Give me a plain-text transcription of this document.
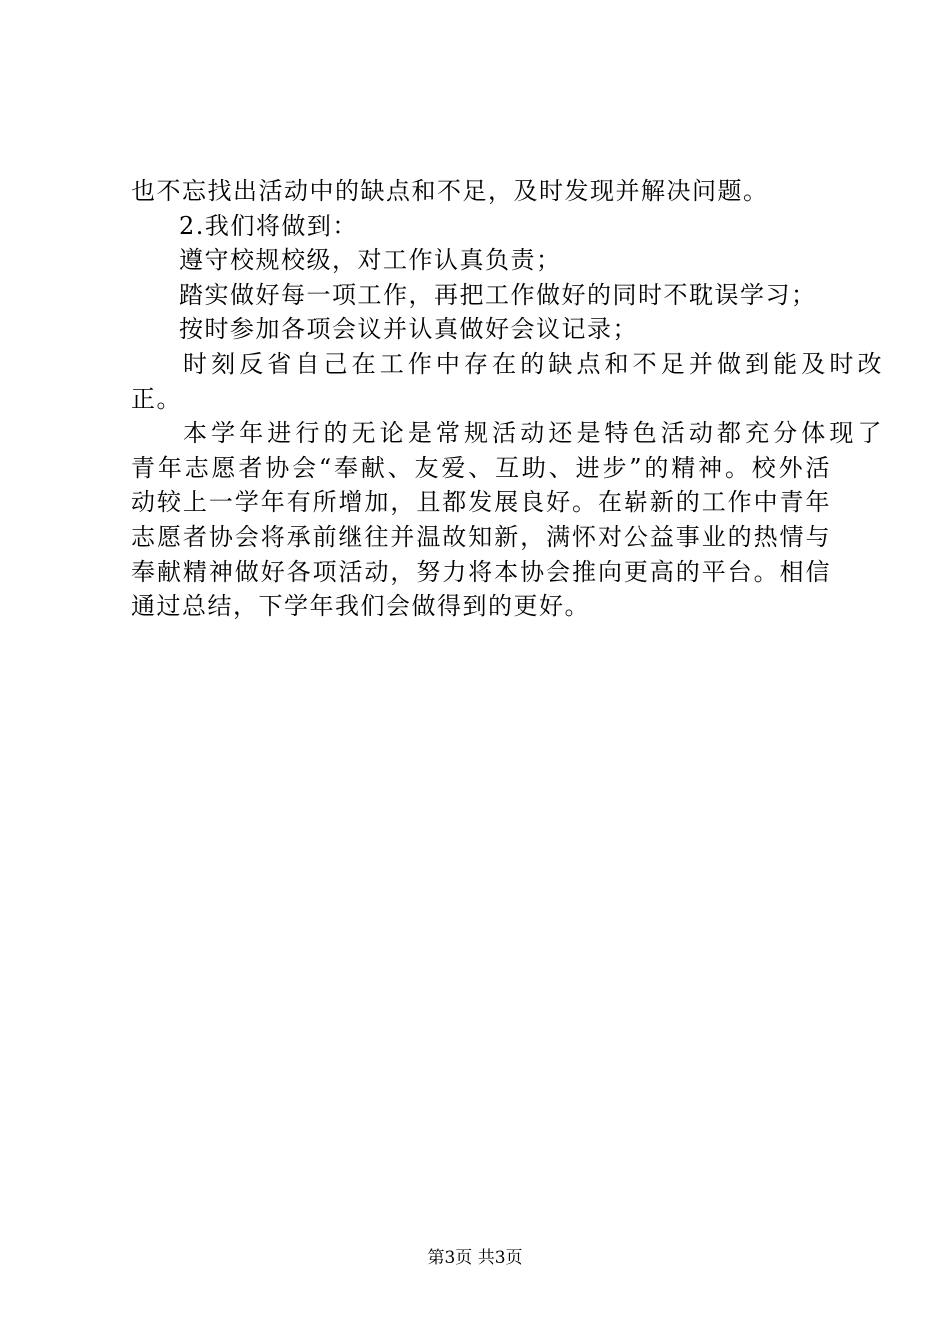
也不忘找出活动中的缺点和不足，及时发现并解决问题。
2.我们将做到：
遵守校规校级，对工作认真负责；
踏实做好每一项工作，再把工作做好的同时不耽误学习；
按时参加各项会议并认真做好会议记录；
时刻反省自己在工作中存在的缺点和不足并做到能及时改
正。
本学年进行的无论是常规活动还是特色活动都充分体现了
青年志愿者协会“奉献、友爱、互助、进步”的精神。校外活
动较上一学年有所增加，且都发展良好。在崭新的工作中青年
志愿者协会将承前继往并温故知新，满怀对公益事业的热情与
奉献精神做好各项活动，努力将本协会推向更高的平台。相信
通过总结，下学年我们会做得到的更好。
第3页 共3页
